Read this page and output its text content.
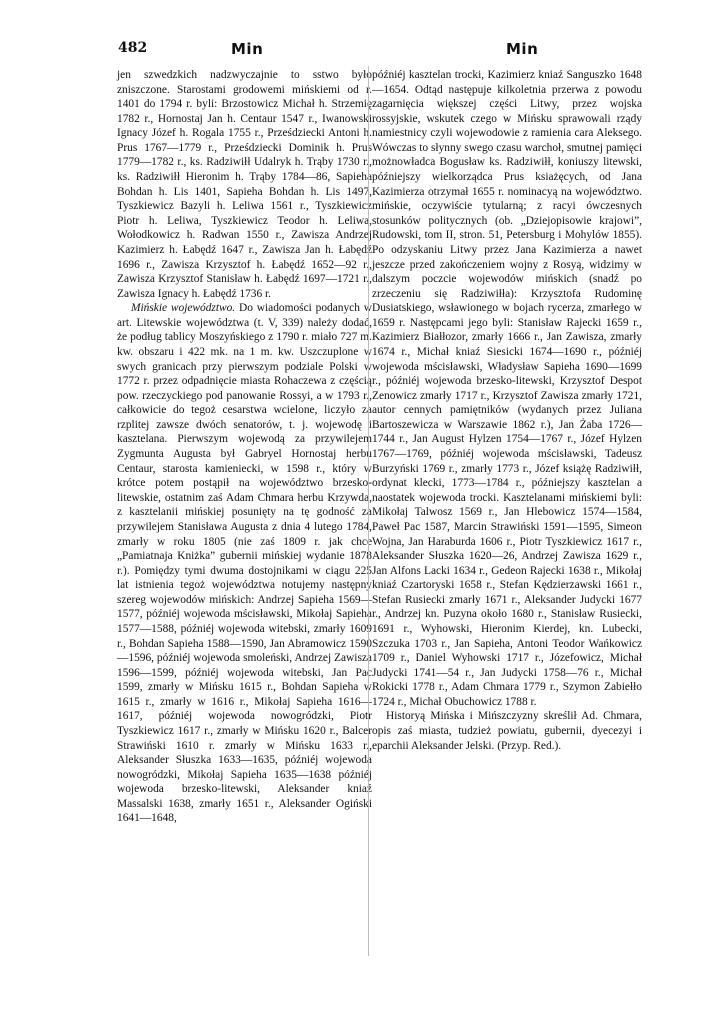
482	Min	Min

jen szwedzkich nadzwyczajnie to sstwo było zniszczone. Starostami grodowemi mińskiemi od r. 1401 do 1794 r. byli: Brzostowicz Michał h. Strzemię 1782 r., Hornostaj Jan h. Centaur 1547 r., Iwanowski Ignacy Józef h. Rogala 1755 r., Prześdziecki Antoni h. Prus 1767—1779 r., Prześdziecki Dominik h. Prus 1779—1782 r., ks. Radziwiłł Udalryk h. Trąby 1730 r., ks. Radziwiłł Hieronim h. Trąby 1784—86, Sapieha Bohdan h. Lis 1401, Sapieha Bohdan h. Lis 1497, Tyszkiewicz Bazyli h. Leliwa 1561 r., Tyszkiewicz Piotr h. Leliwa, Tyszkiewicz Teodor h. Leliwa, Wołodkowicz h. Radwan 1550 r., Zawisza Andrzej Kazimierz h. Łabędź 1647 r., Zawisza Jan h. Łabędź 1696 r., Zawisza Krzysztof h. Łabędź 1652—92 r., Zawisza Krzysztof Stanisław h. Łabędź 1697—1721 r., Zawisza Ignacy h. Łabędź 1736 r.

Mińskie województwo. Do wiadomości podanych w art. Litewskie województwa (t. V, 339) należy dodać, że podług tablicy Moszyńskiego z 1790 r. miało 727 m. kw. obszaru i 422 mk. na 1 m. kw. Uszczuplone w swych granicach przy pierwszym podziale Polski w 1772 r. przez odpadnięcie miasta Rohaczewa z częścią pow. rzeczyckiego pod panowanie Rossyi, a w 1793 r., całkowicie do tegoż cesarstwa wcielone, liczyło za rzplitej zawsze dwóch senatorów, t. j. wojewodę i kasztelana. Pierwszym wojewodą za przywilejem Zygmunta Augusta był Gabryel Hornostaj herbu Centaur, starosta kamieniecki, w 1598 r., który w krótce potem postąpił na województwo brzesko-litewskie, ostatnim zaś Adam Chmara herbu Krzywda, z kasztelanii mińskiej posunięty na tę godność za przywilejem Stanisława Augusta z dnia 4 lutego 1784, zmarły w roku 1805 (nie zaś 1809 r. jak chce „Pamiatnaja Kniżka” gubernii mińskiej wydanie 1878 r.). Pomiędzy tymi dwuma dostojnikami w ciągu 225 lat istnienia tegoż województwa notujemy następny szereg wojewodów mińskich: Andrzej Sapieha 1569—1577, późniéj wojewoda mścisławski, Mikołaj Sapieha 1577—1588, późniéj wojewoda witebski, zmarły 1609 r., Bohdan Sapieha 1588—1590, Jan Abramowicz 1590—1596, późniéj wojewoda smoleński, Andrzej Zawisza 1596—1599, późniéj wojewoda witebski, Jan Pac 1599, zmarły w Mińsku 1615 r., Bohdan Sapieha w 1615 r., zmarły w 1616 r., Mikołaj Sapieha 1616—1617, późniéj wojewoda nowogródzki, Piotr Tyszkiewicz 1617 r., zmarły w Mińsku 1620 r., Balcer Strawiński 1610 r. zmarły w Mińsku 1633 r., Aleksander Słuszka 1633—1635, późniéj wojewoda nowogródzki, Mikołaj Sapieha 1635—1638 późniéj wojewoda brzesko-litewski, Aleksander kniaź Massalski 1638, zmarły 1651 r., Aleksander Ogiński 1641—1648,

późniéj kasztelan trocki, Kazimierz kniaź Sanguszko 1648—1654. Odtąd następuje kilkoletnia przerwa z powodu zagarnięcia większej części Litwy, przez wojska rossyjskie, wskutek czego w Mińsku sprawowali rządy namiestnicy czyli wojewodowie z ramienia cara Aleksego. Wówczas to słynny swego czasu warchoł, smutnej pamięci możnowładca Bogusław ks. Radziwiłł, koniuszy litewski, późniejszy wielkorządca Prus ksiażęcych, od Jana Kazimierza otrzymał 1655 r. nominacyą na województwo. mińskie, oczywiście tytularną; z racyi ówczesnych stosunków politycznych (ob. „Dziejopisowie krajowi”, Rudowski, tom II, stron. 51, Petersburg i Mohylów 1855). Po odzyskaniu Litwy przez Jana Kazimierza a nawet jeszcze przed zakończeniem wojny z Rosyą, widzimy w dalszym poczcie wojewodów mińskich (snadź po zrzeczeniu się Radziwiłła): Krzysztofa Rudominę Dusiatskiego, wsławionego w bojach rycerza, zmarłego w 1659 r. Następcami jego byli: Stanisław Rajecki 1659 r., Kazimierz Białłozor, zmarły 1666 r., Jan Zawisza, zmarły 1674 r., Michał kniaź Siesicki 1674—1690 r., późniéj wojewoda mścisławski, Władysław Sapieha 1690—1699 r., późniéj wojewoda brzesko-litewski, Krzysztof Despot Zenowicz zmarły 1717 r., Krzysztof Zawisza zmarły 1721, autor cennych pamiętników (wydanych przez Juliana Bartoszewicza w Warszawie 1862 r.), Jan Żaba 1726—1744 r., Jan August Hylzen 1754—1767 r., Józef Hylzen 1767—1769, późniéj wojewoda mścisławski, Tadeusz Burzyński 1769 r., zmarły 1773 r., Józef książę Radziwiłł, ordynat klecki, 1773—1784 r., późniejszy kasztelan a naostatek wojewoda trocki. Kasztelanami mińskiemi byli: Mikołaj Talwosz 1569 r., Jan Hlebowicz 1574—1584, Paweł Pac 1587, Marcin Strawiński 1591—1595, Simeon Wojna, Jan Haraburda 1606 r., Piotr Tyszkiewicz 1617 r., Aleksander Słuszka 1620—26, Andrzej Zawisza 1629 r., Jan Alfons Lacki 1634 r., Gedeon Rajecki 1638 r., Mikołaj kniaź Czartoryski 1658 r., Stefan Kędzierzawski 1661 r., Stefan Rusiecki zmarły 1671 r., Aleksander Judycki 1677 r., Andrzej kn. Puzyna około 1680 r., Stanisław Rusiecki, 1691 r., Wyhowski, Hieronim Kierdej, kn. Lubecki, Szczuka 1703 r., Jan Sapieha, Antoni Teodor Wańkowicz 1709 r., Daniel Wyhowski 1717 r., Józefowicz, Michał Judycki 1741—54 r., Jan Judycki 1758—76 r., Michał Rokicki 1778 r., Adam Chmara 1779 r., Szymon Zabiełło 1724 r., Michał Obuchowicz 1788 r.

Historyą Mińska i Mińszczyzny skreślił Ad. Chmara, opis zaś miasta, tudzież powiatu, gubernii, dyecezyi i eparchii Aleksander Jelski. (Przyp. Red.).
